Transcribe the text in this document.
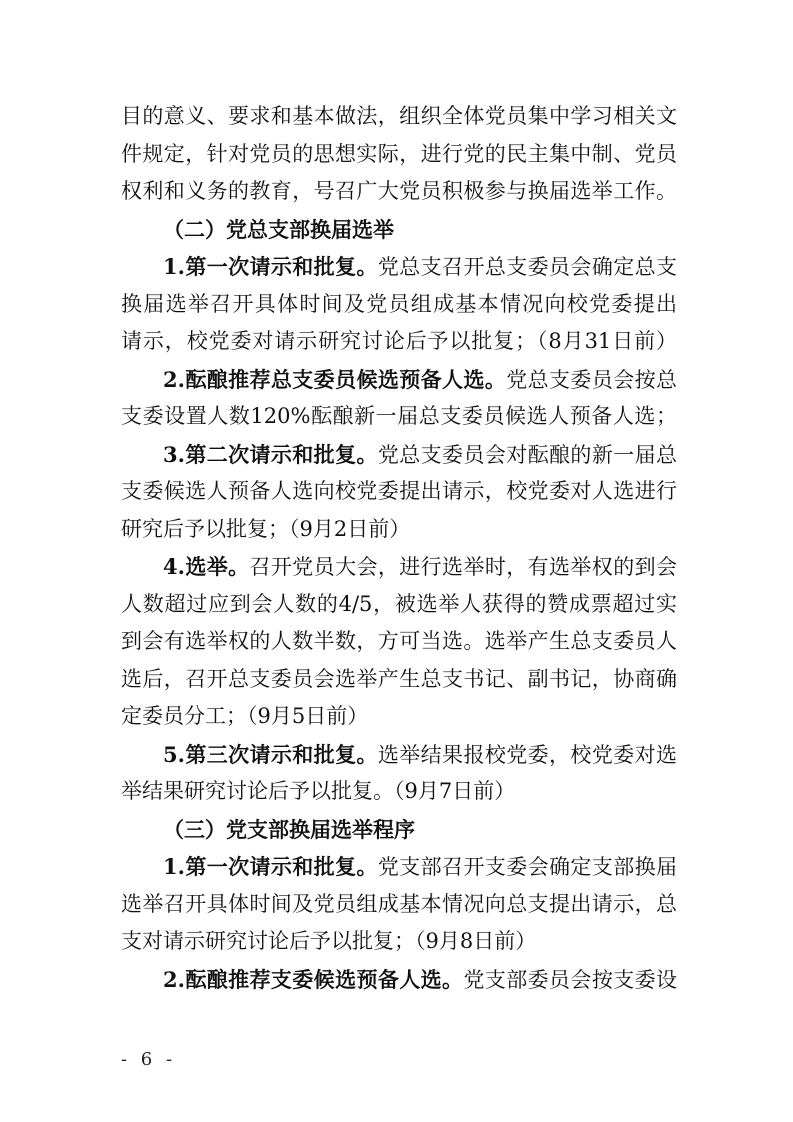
目的意义、要求和基本做法，组织全体党员集中学习相关文
件规定，针对党员的思想实际，进行党的民主集中制、党员
权利和义务的教育，号召广大党员积极参与换届选举工作。
（二）党总支部换届选举
1.第一次请示和批复。党总支召开总支委员会确定总支
换届选举召开具体时间及党员组成基本情况向校党委提出
请示，校党委对请示研究讨论后予以批复；（8月31日前）
2.酝酿推荐总支委员候选预备人选。党总支委员会按总
支委设置人数120%酝酿新一届总支委员候选人预备人选；
3.第二次请示和批复。党总支委员会对酝酿的新一届总
支委候选人预备人选向校党委提出请示，校党委对人选进行
研究后予以批复；（9月2日前）
4.选举。召开党员大会，进行选举时，有选举权的到会
人数超过应到会人数的4/5，被选举人获得的赞成票超过实
到会有选举权的人数半数，方可当选。选举产生总支委员人
选后，召开总支委员会选举产生总支书记、副书记，协商确
定委员分工；（9月5日前）
5.第三次请示和批复。选举结果报校党委，校党委对选
举结果研究讨论后予以批复。（9月7日前）
（三）党支部换届选举程序
1.第一次请示和批复。党支部召开支委会确定支部换届
选举召开具体时间及党员组成基本情况向总支提出请示，总
支对请示研究讨论后予以批复；（9月8日前）
2.酝酿推荐支委候选预备人选。党支部委员会按支委设
- 6 -
